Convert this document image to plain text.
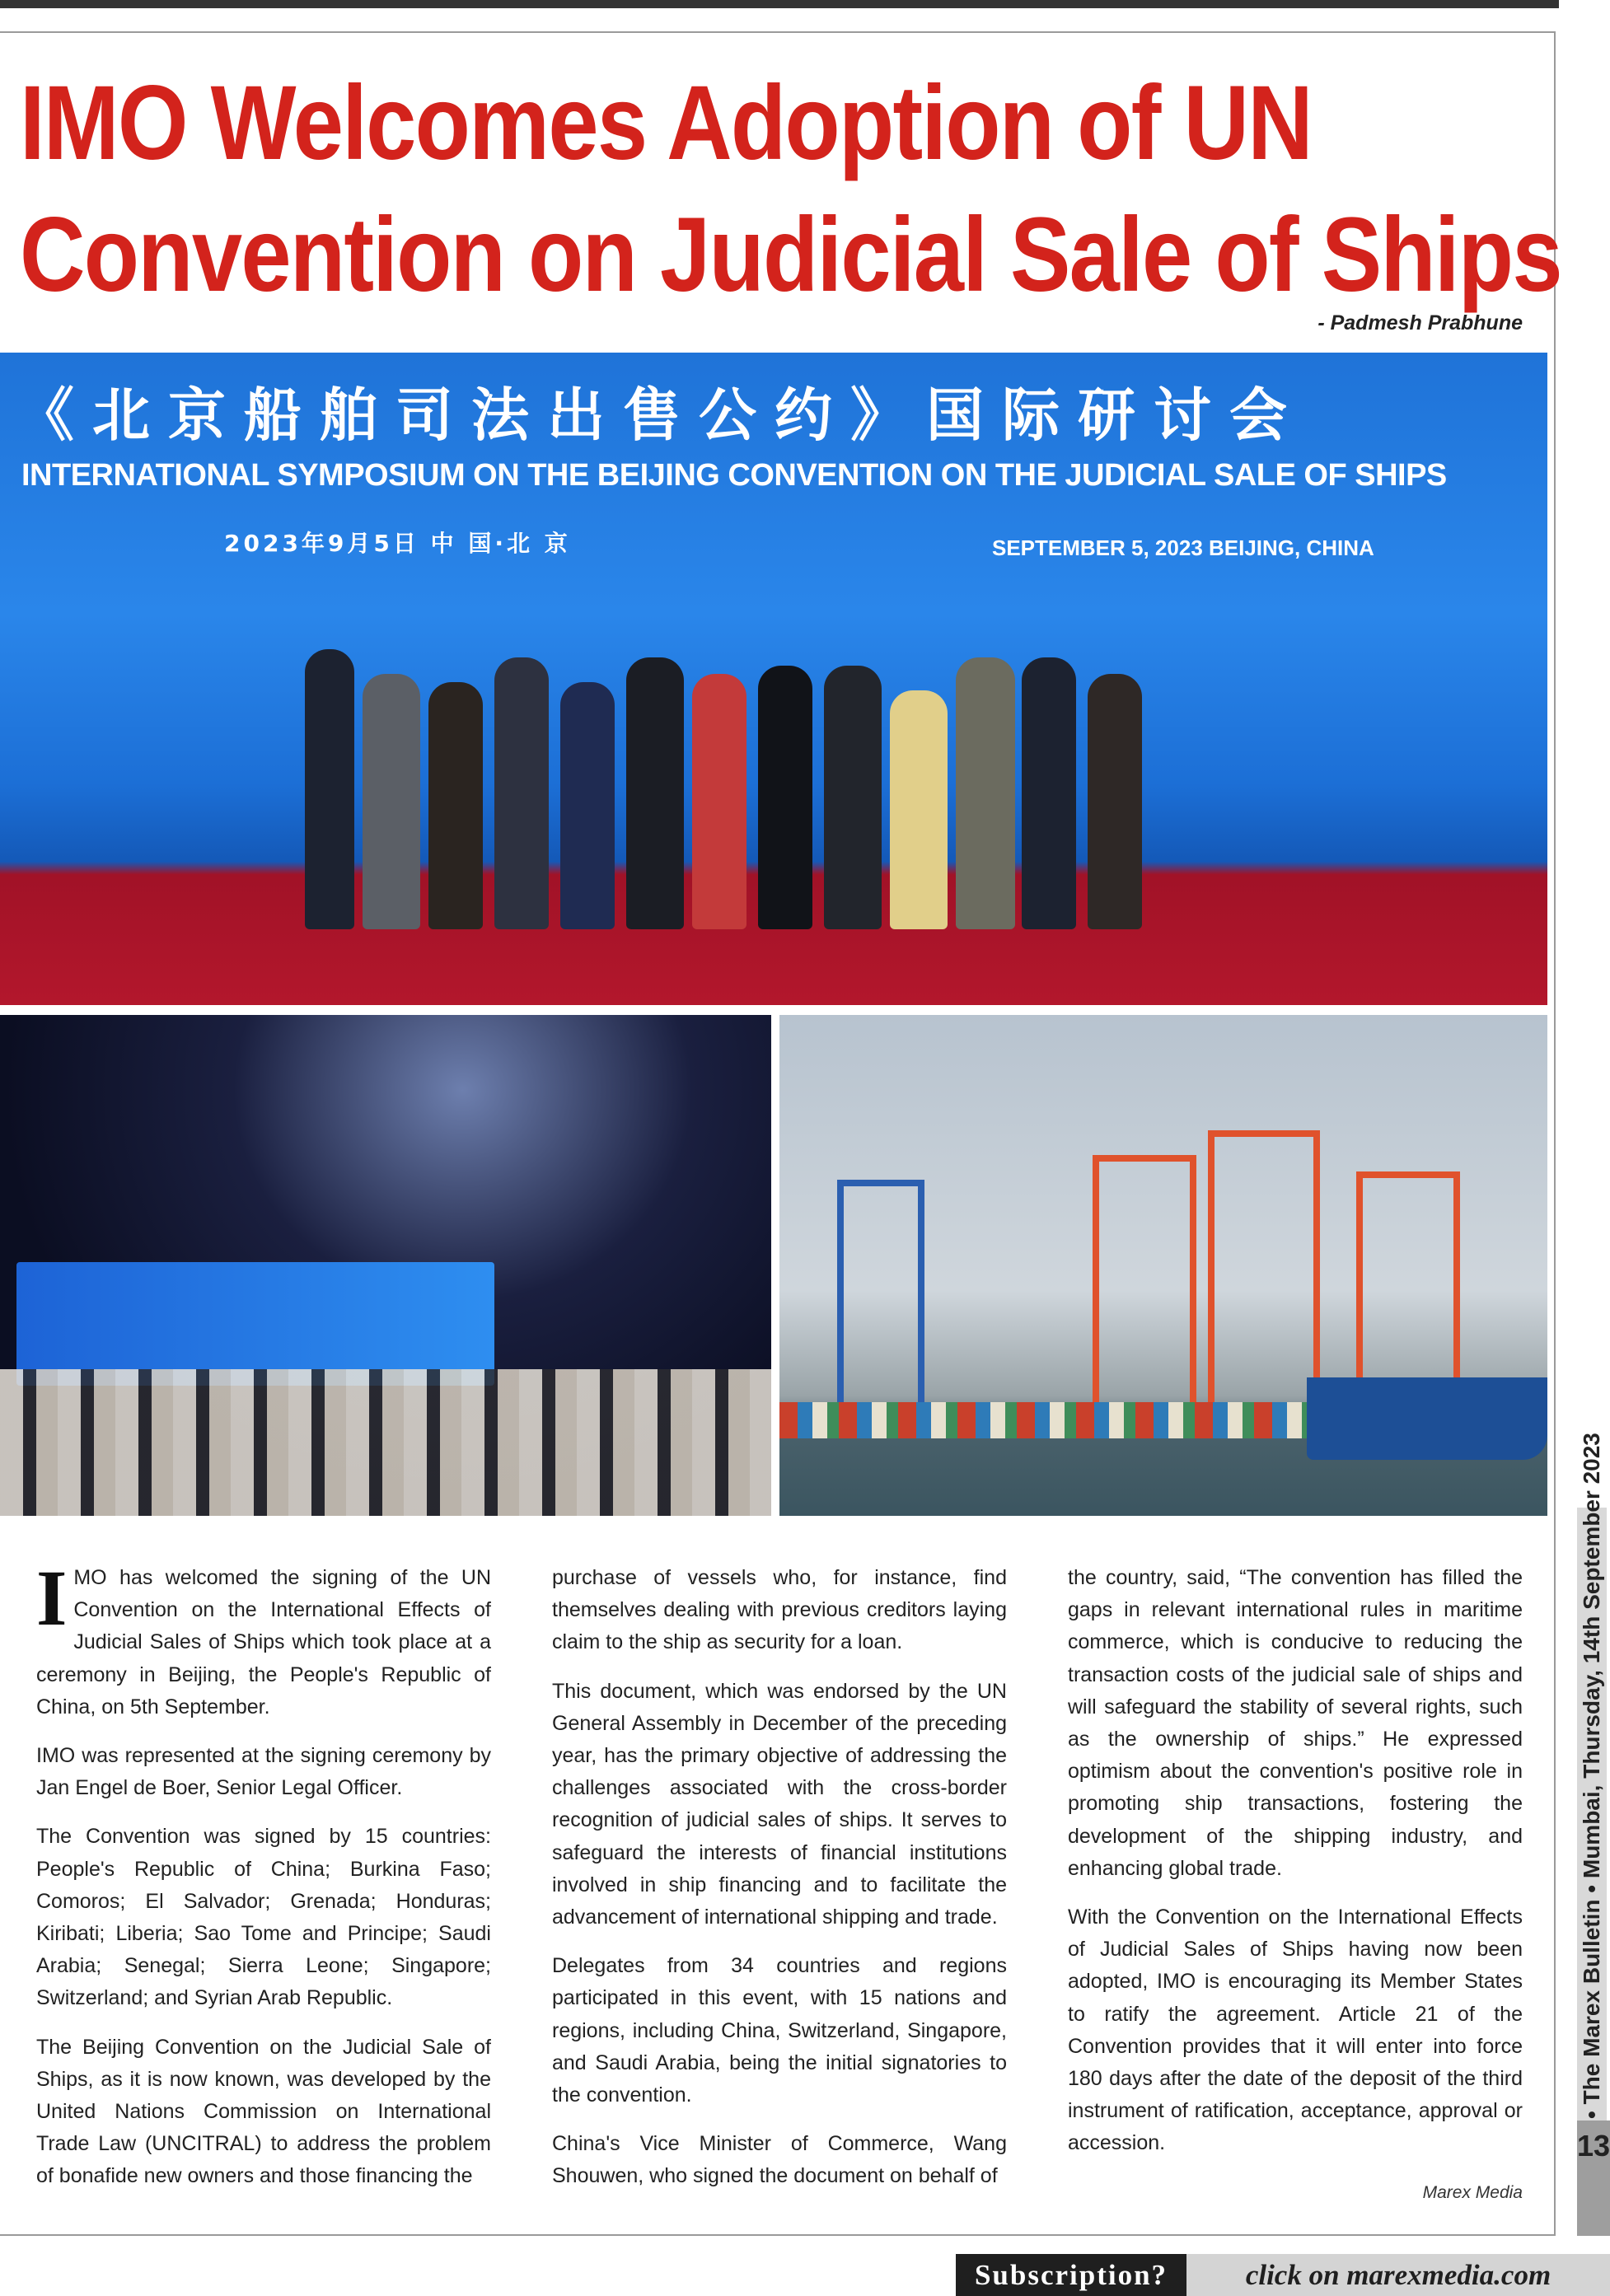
IMO Welcomes Adoption of UN
Convention on Judicial Sale of Ships
- Padmesh Prabhune
《北京船舶司法出售公约》国际研讨会
INTERNATIONAL SYMPOSIUM ON THE BEIJING CONVENTION ON THE JUDICIAL SALE OF SHIPS
2023年9月5日 中 国·北 京	SEPTEMBER 5, 2023 BEIJING, CHINA

IMO has welcomed the signing of the UN Convention on the International Effects of Judicial Sales of Ships which took place at a ceremony in Beijing, the People's Republic of China, on 5th September.

IMO was represented at the signing ceremony by Jan Engel de Boer, Senior Legal Officer.

The Convention was signed by 15 countries: People's Republic of China; Burkina Faso; Comoros; El Salvador; Grenada; Honduras; Kiribati; Liberia; Sao Tome and Principe; Saudi Arabia; Senegal; Sierra Leone; Singapore; Switzerland; and Syrian Arab Republic.

The Beijing Convention on the Judicial Sale of Ships, as it is now known, was developed by the United Nations Commission on International Trade Law (UNCITRAL) to address the problem of bonafide new owners and those financing the

purchase of vessels who, for instance, find themselves dealing with previous creditors laying claim to the ship as security for a loan.

This document, which was endorsed by the UN General Assembly in December of the preceding year, has the primary objective of addressing the challenges associated with the cross-border recognition of judicial sales of ships. It serves to safeguard the interests of financial institutions involved in ship financing and to facilitate the advancement of international shipping and trade.

Delegates from 34 countries and regions participated in this event, with 15 nations and regions, including China, Switzerland, Singapore, and Saudi Arabia, being the initial signatories to the convention.

China's Vice Minister of Commerce, Wang Shouwen, who signed the document on behalf of

the country, said, “The convention has filled the gaps in relevant international rules in maritime commerce, which is conducive to reducing the transaction costs of the judicial sale of ships and will safeguard the stability of several rights, such as the ownership of ships.” He expressed optimism about the convention's positive role in promoting ship transactions, fostering the development of the shipping industry, and enhancing global trade.

With the Convention on the International Effects of Judicial Sales of Ships having now been adopted, IMO is encouraging its Member States to ratify the agreement. Article 21 of the Convention provides that it will enter into force 180 days after the date of the deposit of the third instrument of ratification, acceptance, approval or accession.

Marex Media

• The Marex Bulletin • Mumbai, Thursday, 14th September 2023
13
Subscription?	click on marexmedia.com
